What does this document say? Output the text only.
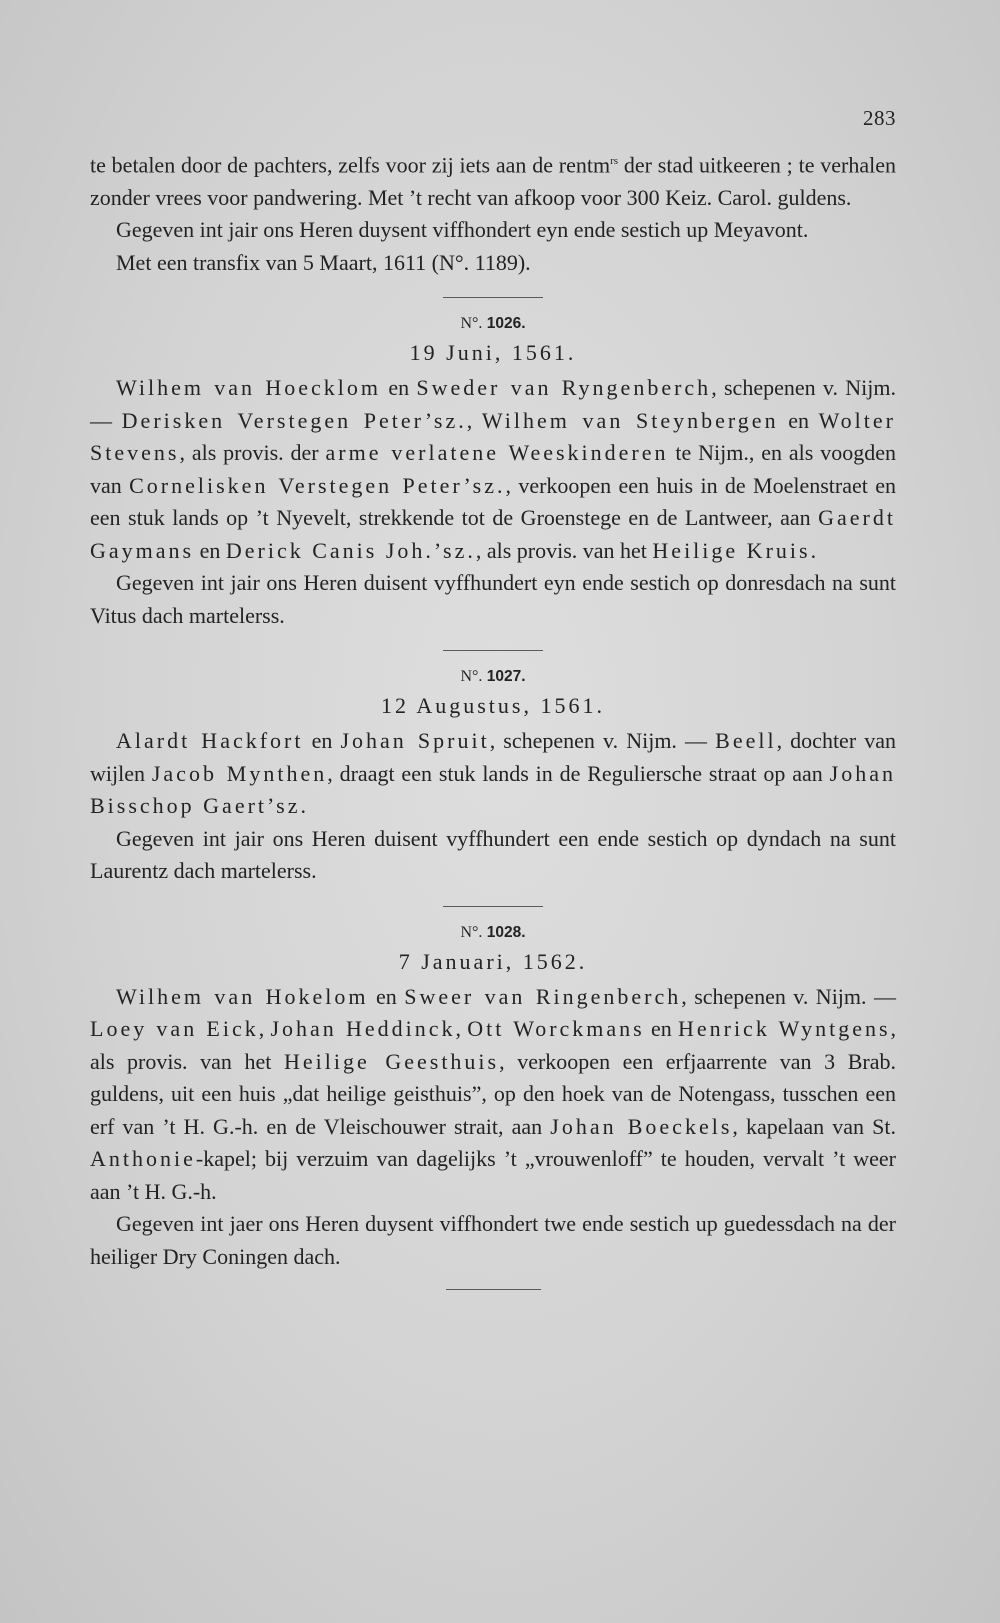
283

te betalen door de pachters, zelfs voor zij iets aan de rentm$^{rs}$ der stad uitkeeren ; te verhalen zonder vrees voor pandwering. Met ’t recht van afkoop voor 300 Keiz. Carol. guldens.

Gegeven int jair ons Heren duysent viffhondert eyn ende sestich up Meyavont.

Met een transfix van 5 Maart, 1611 (N°. 1189).

N°. 1026.
19 Juni, 1561.

Wilhem van Hoecklom en Sweder van Ryngenberch, schepenen v. Nijm. — Derisken Verstegen Peter’sz., Wilhem van Steynbergen en Wolter Stevens, als provis. der arme verlatene Weeskinderen te Nijm., en als voogden van Cornelisken Verstegen Peter’sz., verkoopen een huis in de Moelenstraet en een stuk lands op ’t Nyevelt, strekkende tot de Groenstege en de Lantweer, aan Gaerdt Gaymans en Derick Canis Joh.’sz., als provis. van het Heilige Kruis.

Gegeven int jair ons Heren duisent vyffhundert eyn ende sestich op donresdach na sunt Vitus dach martelerss.

N°. 1027.
12 Augustus, 1561.

Alardt Hackfort en Johan Spruit, schepenen v. Nijm. — Beell, dochter van wijlen Jacob Mynthen, draagt een stuk lands in de Reguliersche straat op aan Johan Bisschop Gaert’sz.

Gegeven int jair ons Heren duisent vyffhundert een ende sestich op dyndach na sunt Laurentz dach martelerss.

N°. 1028.
7 Januari, 1562.

Wilhem van Hokelom en Sweer van Ringenberch, schepenen v. Nijm. — Loey van Eick, Johan Heddinck, Ott Worckmans en Henrick Wyntgens, als provis. van het Heilige Geesthuis, verkoopen een erfjaarrente van 3 Brab. guldens, uit een huis „dat heilige geisthuis”, op den hoek van de Notengass, tusschen een erf van ’t H. G.-h. en de Vleischouwer strait, aan Johan Boeckels, kapelaan van St. Anthonie-kapel; bij verzuim van dagelijks ’t „vrouwenloff” te houden, vervalt ’t weer aan ’t H. G.-h.

Gegeven int jaer ons Heren duysent viffhondert twe ende sestich up guedessdach na der heiliger Dry Coningen dach.
